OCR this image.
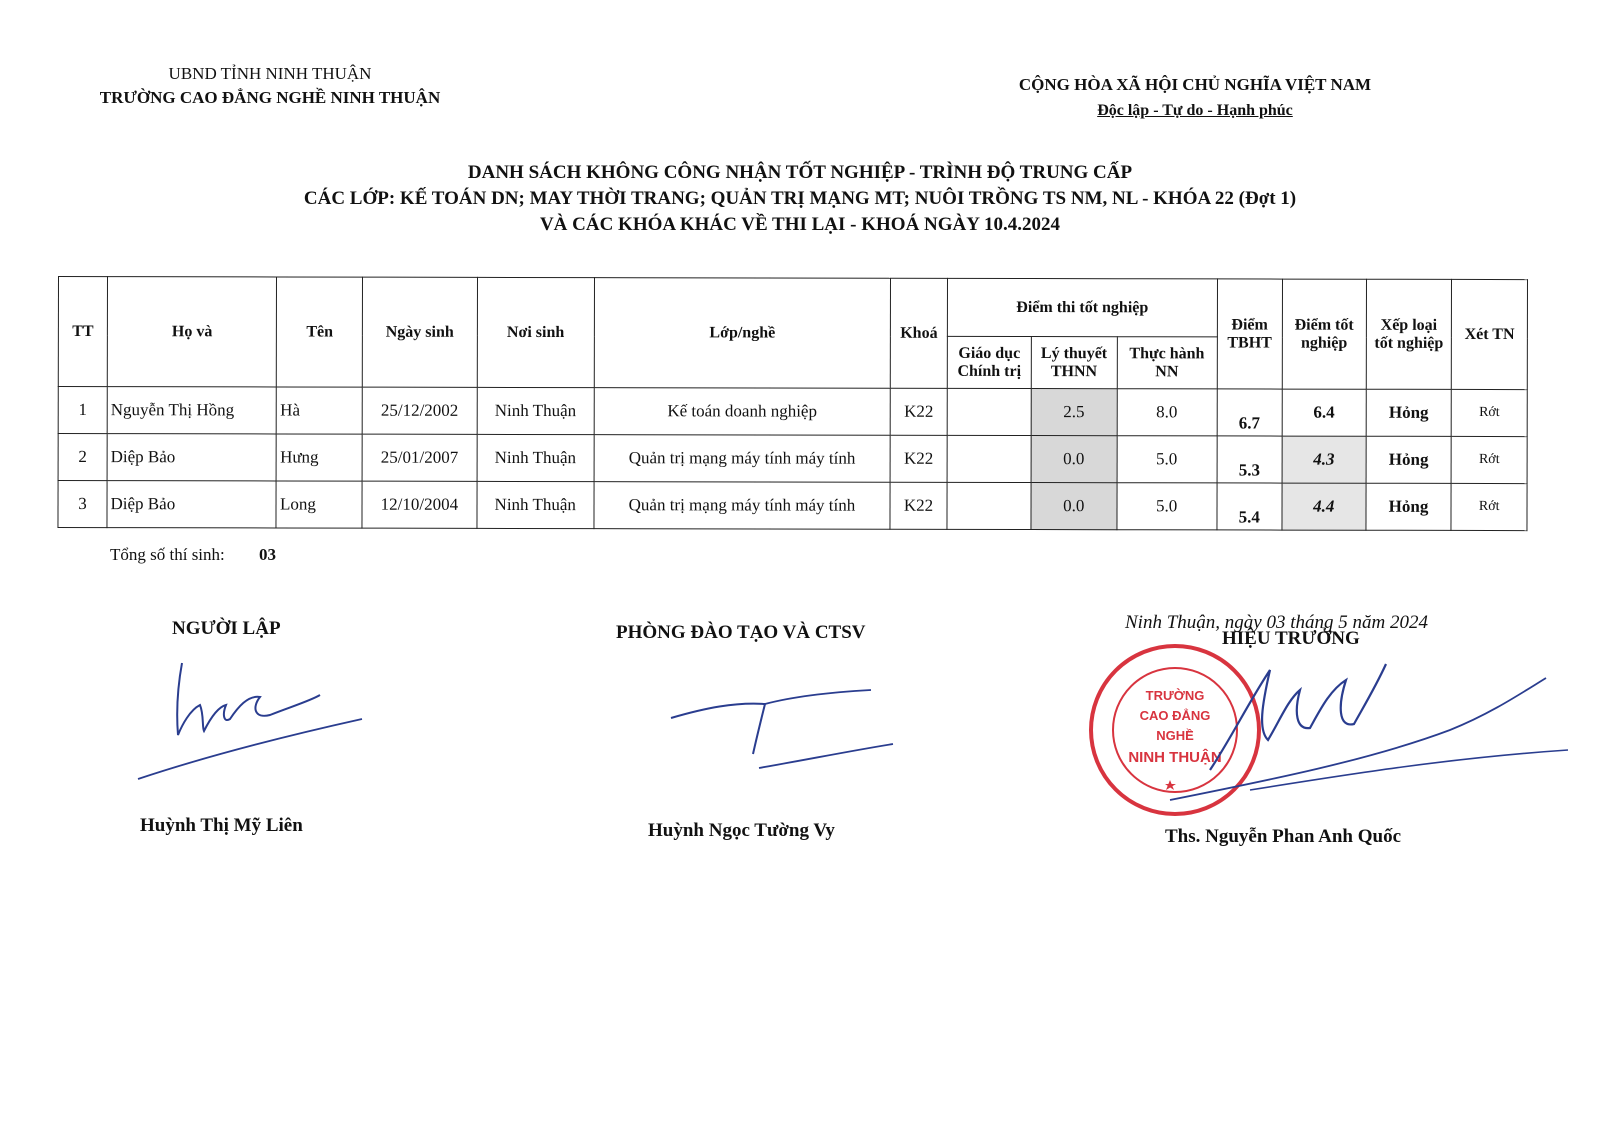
UBND TỈNH NINH THUẬN
TRƯỜNG CAO ĐẲNG NGHỀ NINH THUẬN
CỘNG HÒA XÃ HỘI CHỦ NGHĨA VIỆT NAM
Độc lập - Tự do - Hạnh phúc
DANH SÁCH KHÔNG CÔNG NHẬN TỐT NGHIỆP - TRÌNH ĐỘ TRUNG CẤP
CÁC LỚP: KẾ TOÁN DN; MAY THỜI TRANG; QUẢN TRỊ MẠNG MT; NUÔI TRỒNG TS NM, NL - KHÓA 22 (Đợt 1)
VÀ CÁC KHÓA KHÁC VỀ THI LẠI - KHOÁ NGÀY 10.4.2024
TT	Họ và	Tên	Ngày sinh	Nơi sinh	Lớp/nghề	Khoá	Điểm thi tốt nghiệp			Điểm TBHT	Điểm tốt nghiệp	Xếp loại tốt nghiệp	Xét TN
							Giáo dục Chính trị	Lý thuyết THNN	Thực hành NN				
1	Nguyễn Thị Hồng	Hà	25/12/2002	Ninh Thuận	Kế toán doanh nghiệp	K22		2.5	8.0	6.7	6.4	Hỏng	Rớt
2	Diệp Bảo	Hưng	25/01/2007	Ninh Thuận	Quản trị mạng máy tính máy tính	K22		0.0	5.0	5.3	4.3	Hỏng	Rớt
3	Diệp Bảo	Long	12/10/2004	Ninh Thuận	Quản trị mạng máy tính máy tính	K22		0.0	5.0	5.4	4.4	Hỏng	Rớt
Tổng số thí sinh: 03
NGƯỜI LẬP
Huỳnh Thị Mỹ Liên
PHÒNG ĐÀO TẠO VÀ CTSV
Huỳnh Ngọc Tường Vy
Ninh Thuận, ngày 03 tháng 5 năm 2024
HIỆU TRƯỞNG
TRƯỜNG
CAO ĐẲNG
NGHỀ
NINH THUẬN
Ths. Nguyễn Phan Anh Quốc
